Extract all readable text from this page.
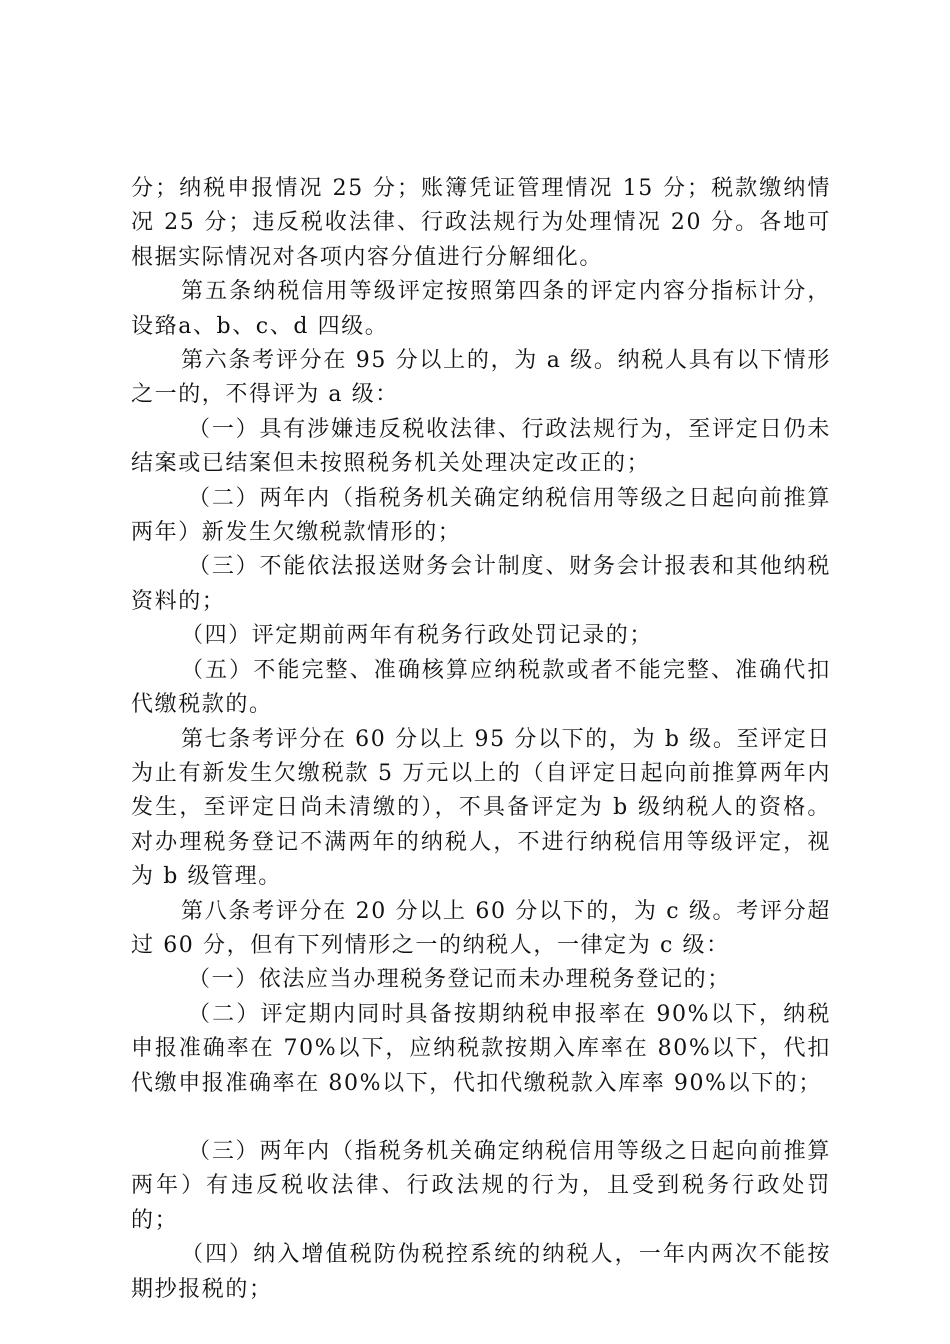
分；纳税申报情况 25 分；账簿凭证管理情况 15 分；税款缴纳情况 25 分；违反税收法律、行政法规行为处理情况 20 分。各地可根据实际情况对各项内容分值进行分解细化。

第五条纳税信用等级评定按照第四条的评定内容分指标计分，设臵a、b、c、d 四级。

第六条考评分在 95 分以上的，为 a 级。纳税人具有以下情形之一的，不得评为 a 级：

（一）具有涉嫌违反税收法律、行政法规行为，至评定日仍未结案或已结案但未按照税务机关处理决定改正的；

（二）两年内（指税务机关确定纳税信用等级之日起向前推算两年）新发生欠缴税款情形的；

（三）不能依法报送财务会计制度、财务会计报表和其他纳税资料的；

（四）评定期前两年有税务行政处罚记录的；

（五）不能完整、准确核算应纳税款或者不能完整、准确代扣代缴税款的。

第七条考评分在 60 分以上 95 分以下的，为 b 级。至评定日为止有新发生欠缴税款 5 万元以上的（自评定日起向前推算两年内发生，至评定日尚未清缴的），不具备评定为 b 级纳税人的资格。对办理税务登记不满两年的纳税人，不进行纳税信用等级评定，视为 b 级管理。

第八条考评分在 20 分以上 60 分以下的，为 c 级。考评分超过 60 分，但有下列情形之一的纳税人，一律定为 c 级：

（一）依法应当办理税务登记而未办理税务登记的；

（二）评定期内同时具备按期纳税申报率在 90%以下，纳税申报准确率在 70%以下，应纳税款按期入库率在 80%以下，代扣代缴申报准确率在 80%以下，代扣代缴税款入库率 90%以下的；

（三）两年内（指税务机关确定纳税信用等级之日起向前推算两年）有违反税收法律、行政法规的行为，且受到税务行政处罚的；

（四）纳入增值税防伪税控系统的纳税人，一年内两次不能按期抄报税的；
